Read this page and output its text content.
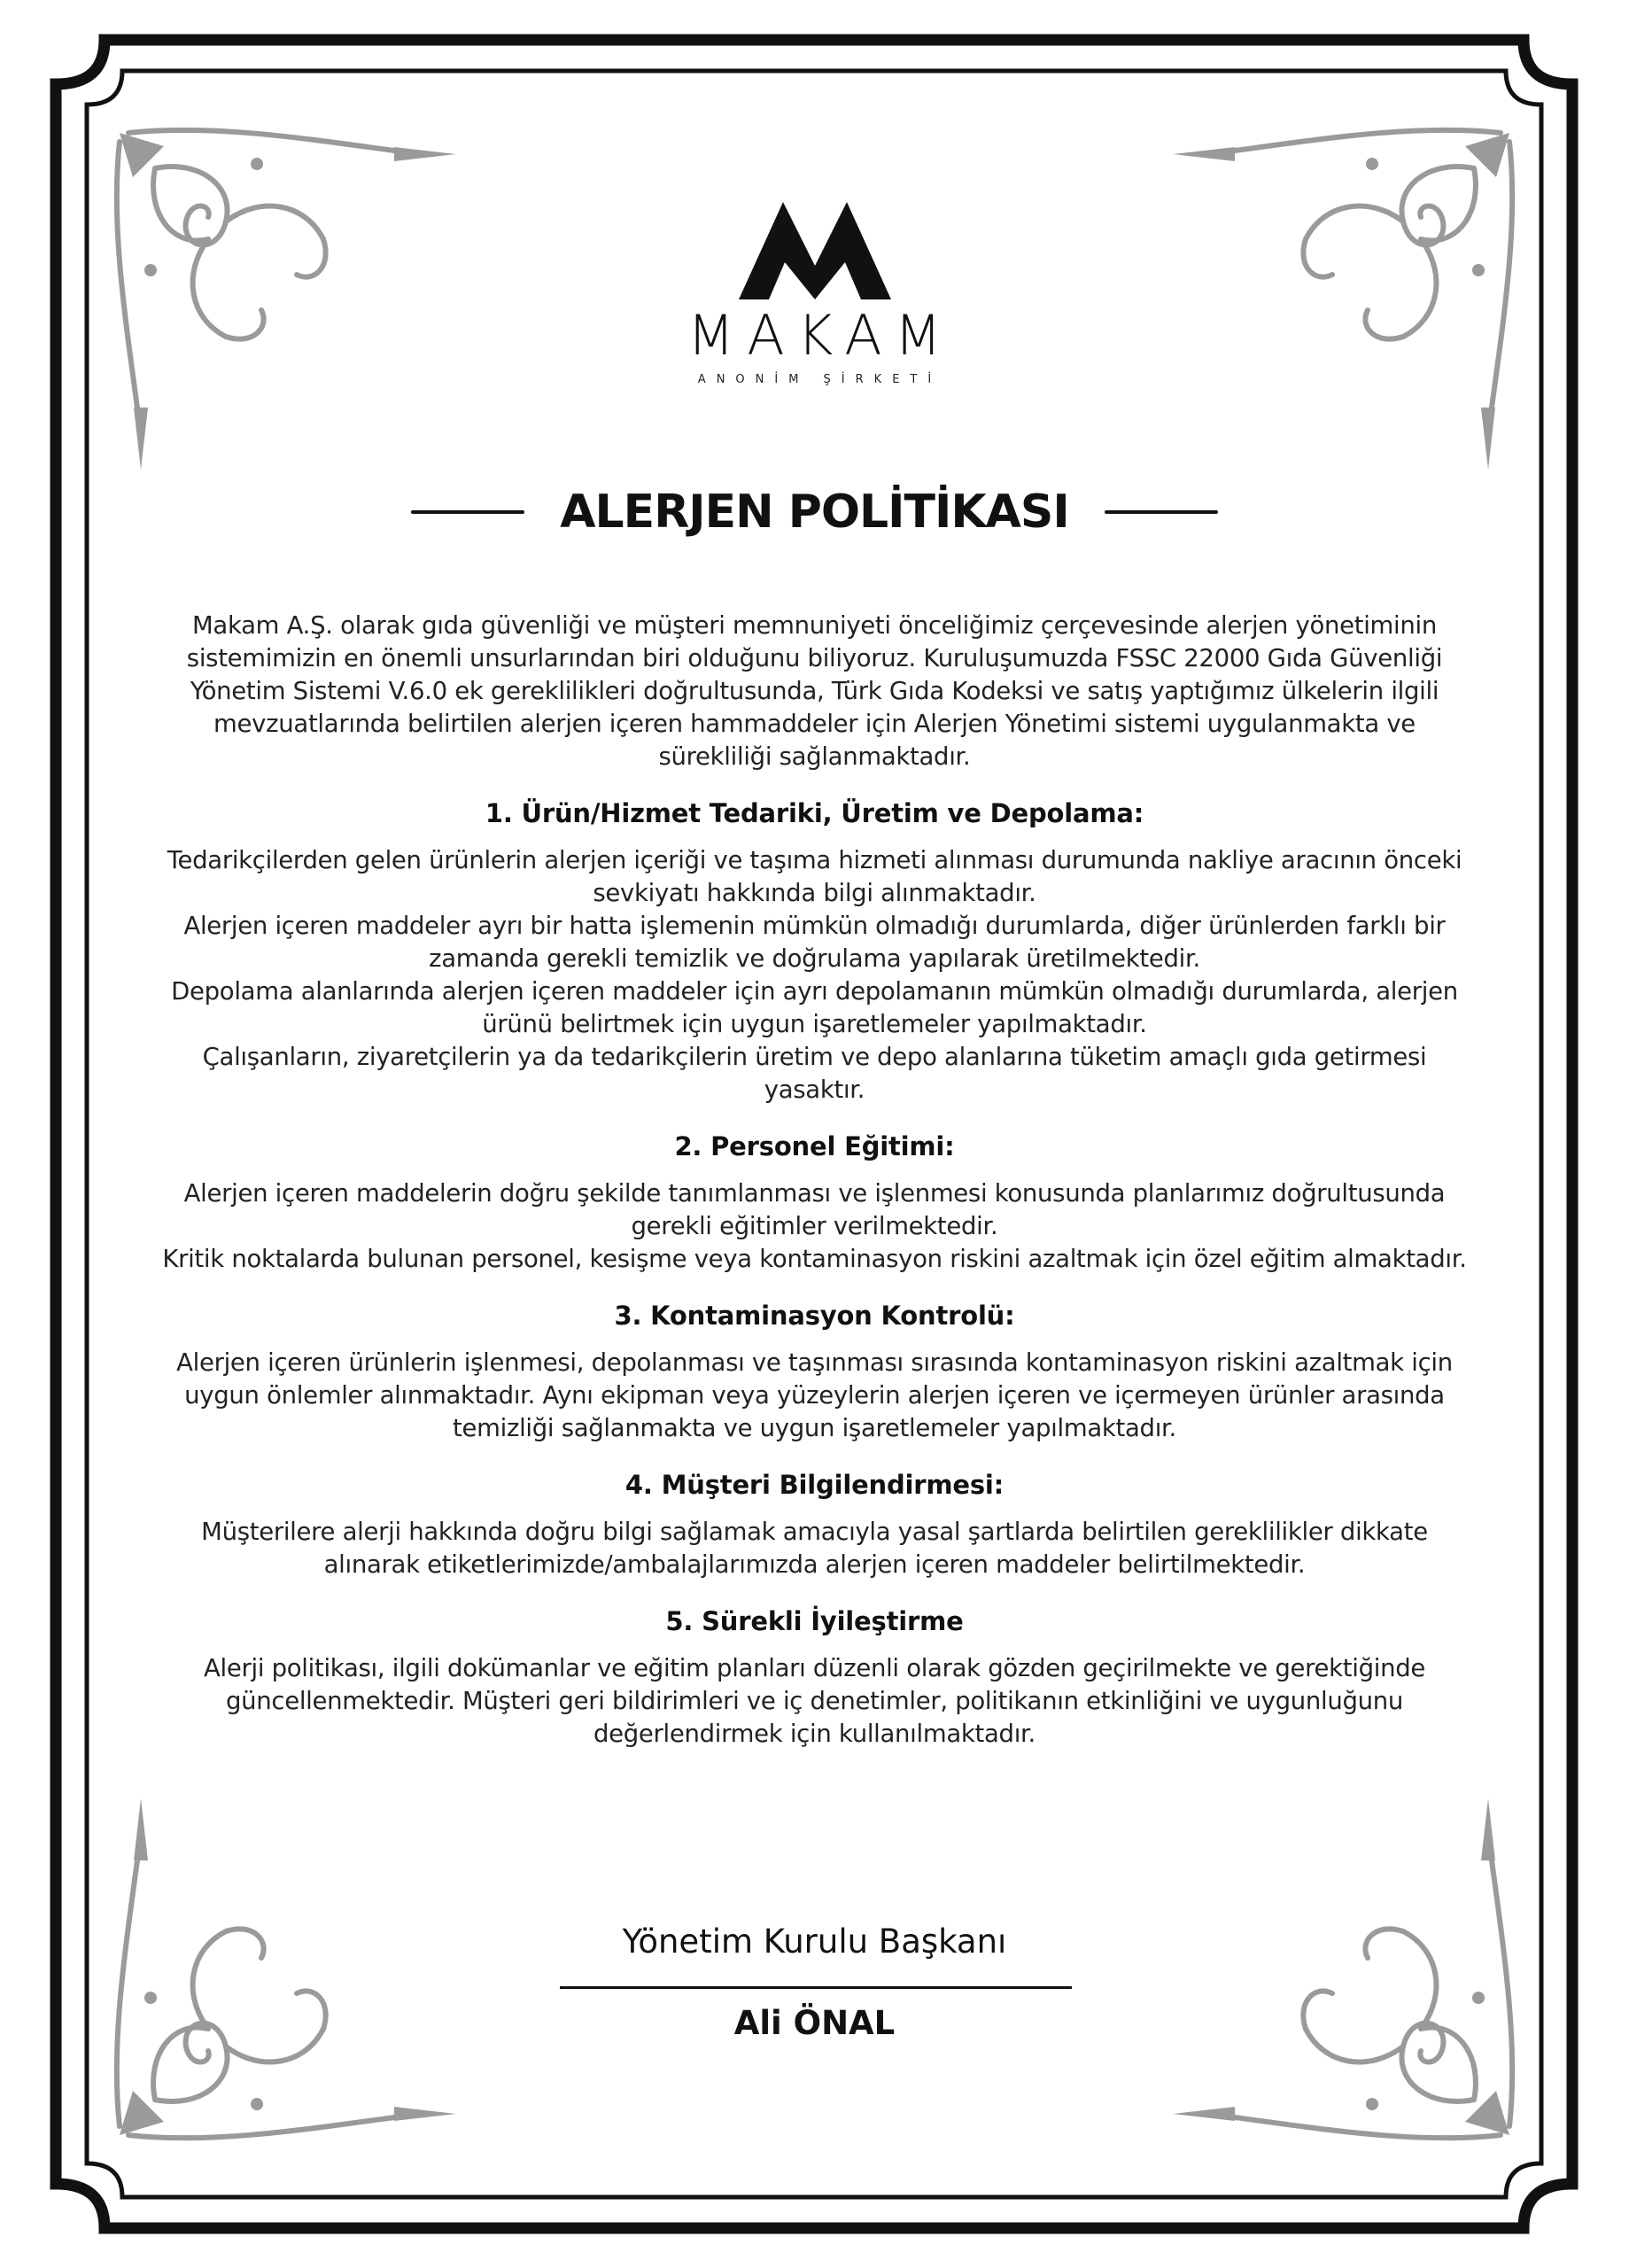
MAKAM
ANONİM ŞİRKETİ
ALERJEN POLİTİKASI
Makam A.Ş. olarak gıda güvenliği ve müşteri memnuniyeti önceliğimiz çerçevesinde alerjen yönetiminin sistemimizin en önemli unsurlarından biri olduğunu biliyoruz. Kuruluşumuzda FSSC 22000 Gıda Güvenliği Yönetim Sistemi V.6.0 ek gereklilikleri doğrultusunda, Türk Gıda Kodeksi ve satış yaptığımız ülkelerin ilgili mevzuatlarında belirtilen alerjen içeren hammaddeler için Alerjen Yönetimi sistemi uygulanmakta ve sürekliliği sağlanmaktadır.
1. Ürün/Hizmet Tedariki, Üretim ve Depolama:
Tedarikçilerden gelen ürünlerin alerjen içeriği ve taşıma hizmeti alınması durumunda nakliye aracının önceki sevkiyatı hakkında bilgi alınmaktadır.
Alerjen içeren maddeler ayrı bir hatta işlemenin mümkün olmadığı durumlarda, diğer ürünlerden farklı bir zamanda gerekli temizlik ve doğrulama yapılarak üretilmektedir.
Depolama alanlarında alerjen içeren maddeler için ayrı depolamanın mümkün olmadığı durumlarda, alerjen ürünü belirtmek için uygun işaretlemeler yapılmaktadır.
Çalışanların, ziyaretçilerin ya da tedarikçilerin üretim ve depo alanlarına tüketim amaçlı gıda getirmesi yasaktır.
2. Personel Eğitimi:
Alerjen içeren maddelerin doğru şekilde tanımlanması ve işlenmesi konusunda planlarımız doğrultusunda gerekli eğitimler verilmektedir.
Kritik noktalarda bulunan personel, kesişme veya kontaminasyon riskini azaltmak için özel eğitim almaktadır.
3. Kontaminasyon Kontrolü:
Alerjen içeren ürünlerin işlenmesi, depolanması ve taşınması sırasında kontaminasyon riskini azaltmak için uygun önlemler alınmaktadır. Aynı ekipman veya yüzeylerin alerjen içeren ve içermeyen ürünler arasında temizliği sağlanmakta ve uygun işaretlemeler yapılmaktadır.
4. Müşteri Bilgilendirmesi:
Müşterilere alerji hakkında doğru bilgi sağlamak amacıyla yasal şartlarda belirtilen gereklilikler dikkate alınarak etiketlerimizde/ambalajlarımızda alerjen içeren maddeler belirtilmektedir.
5. Sürekli İyileştirme
Alerji politikası, ilgili dokümanlar ve eğitim planları düzenli olarak gözden geçirilmekte ve gerektiğinde güncellenmektedir. Müşteri geri bildirimleri ve iç denetimler, politikanın etkinliğini ve uygunluğunu değerlendirmek için kullanılmaktadır.
Yönetim Kurulu Başkanı
Ali ÖNAL
